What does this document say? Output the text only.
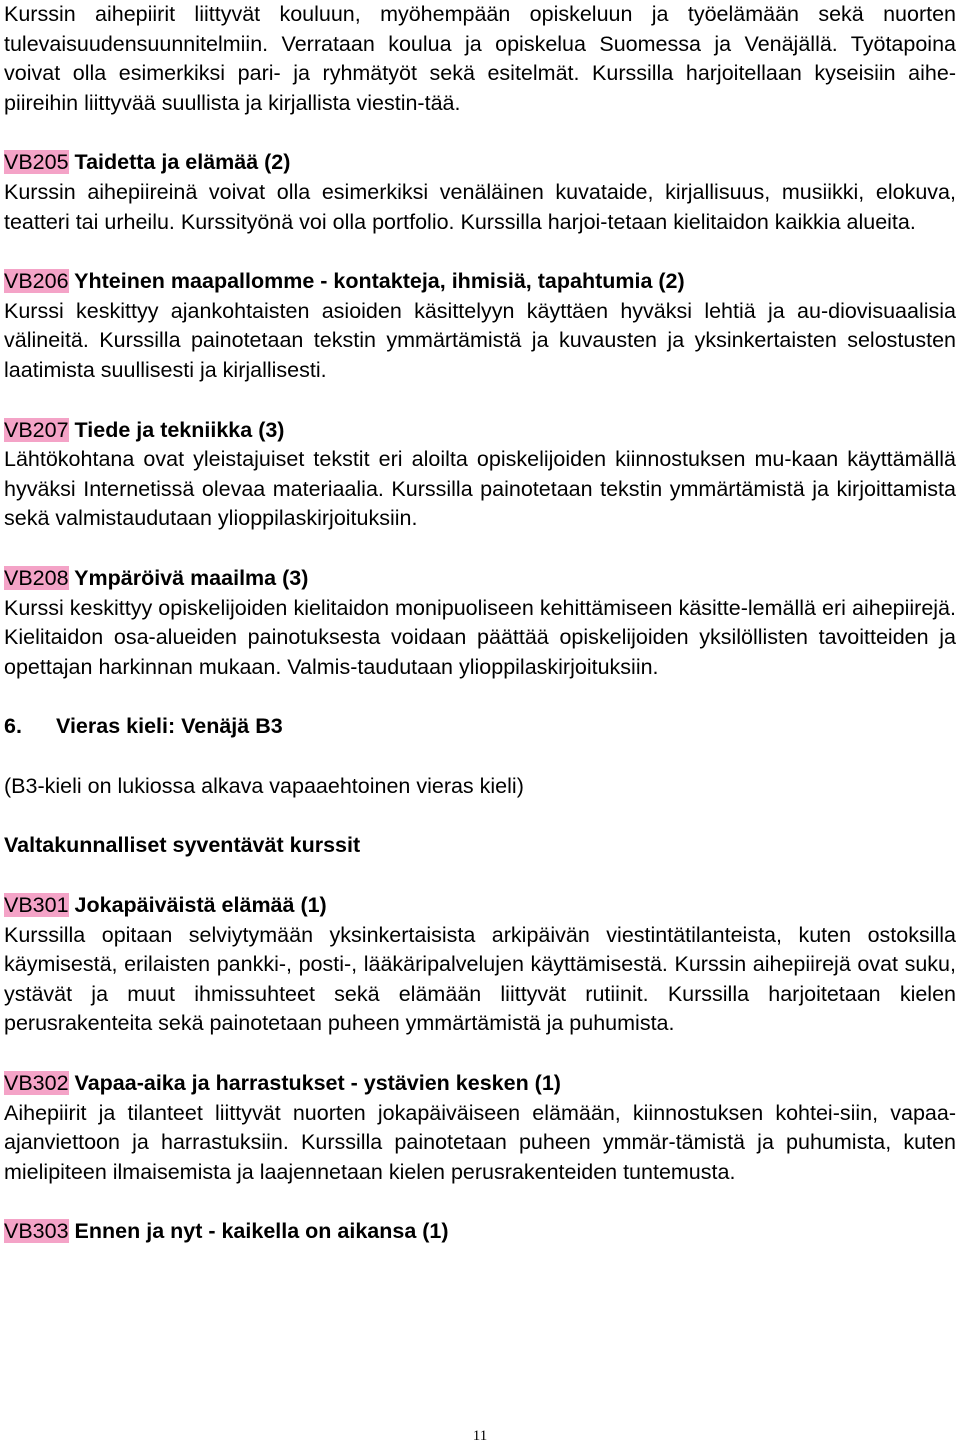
Kurssin aihepiirit liittyvät kouluun, myöhempään opiskeluun ja työelämään sekä nuorten tulevaisuudensuunnitelmiin. Verrataan koulua ja opiskelua Suomessa ja Venäjällä. Työtapoina voivat olla esimerkiksi pari- ja ryhmätyöt sekä esitelmät. Kurssilla harjoitellaan kyseisiin aihe-piireihin liittyvää suullista ja kirjallista viestin-tää.

VB205 Taidetta ja elämää (2)

Kurssin aihepiireinä voivat olla esimerkiksi venäläinen kuvataide, kirjallisuus, musiikki, elokuva, teatteri tai urheilu. Kurssityönä voi olla portfolio. Kurssilla harjoi-tetaan kielitaidon kaikkia alueita.

VB206 Yhteinen maapallomme - kontakteja, ihmisiä, tapahtumia (2)

Kurssi keskittyy ajankohtaisten asioiden käsittelyyn käyttäen hyväksi lehtiä ja au-diovisuaalisia välineitä. Kurssilla painotetaan tekstin ymmärtämistä ja kuvausten ja yksinkertaisten selostusten laatimista suullisesti ja kirjallisesti.

VB207 Tiede ja tekniikka (3)

Lähtökohtana ovat yleistajuiset tekstit eri aloilta opiskelijoiden kiinnostuksen mu-kaan käyttämällä hyväksi Internetissä olevaa materiaalia. Kurssilla painotetaan tekstin ymmärtämistä ja kirjoittamista sekä valmistaudutaan ylioppilaskirjoituksiin.

VB208 Ympäröivä maailma (3)

Kurssi keskittyy opiskelijoiden kielitaidon monipuoliseen kehittämiseen käsitte-lemällä eri aihepiirejä. Kielitaidon osa-alueiden painotuksesta voidaan päättää opiskelijoiden yksilöllisten tavoitteiden ja opettajan harkinnan mukaan. Valmis-taudutaan ylioppilaskirjoituksiin.

6. Vieras kieli: Venäjä B3

(B3-kieli on lukiossa alkava vapaaehtoinen vieras kieli)

Valtakunnalliset syventävät kurssit

VB301 Jokapäiväistä elämää (1)

Kurssilla opitaan selviytymään yksinkertaisista arkipäivän viestintätilanteista, kuten ostoksilla käymisestä, erilaisten pankki-, posti-, lääkäripalvelujen käyttämisestä. Kurssin aihepiirejä ovat suku, ystävät ja muut ihmissuhteet sekä elämään liittyvät rutiinit. Kurssilla harjoitetaan kielen perusrakenteita sekä painotetaan puheen ymmärtämistä ja puhumista.

VB302 Vapaa-aika ja harrastukset - ystävien kesken (1)

Aihepiirit ja tilanteet liittyvät nuorten jokapäiväiseen elämään, kiinnostuksen kohtei-siin, vapaa-ajanviettoon ja harrastuksiin. Kurssilla painotetaan puheen ymmär-tämistä ja puhumista, kuten mielipiteen ilmaisemista ja laajennetaan kielen perusrakenteiden tuntemusta.

VB303 Ennen ja nyt - kaikella on aikansa (1)

11
